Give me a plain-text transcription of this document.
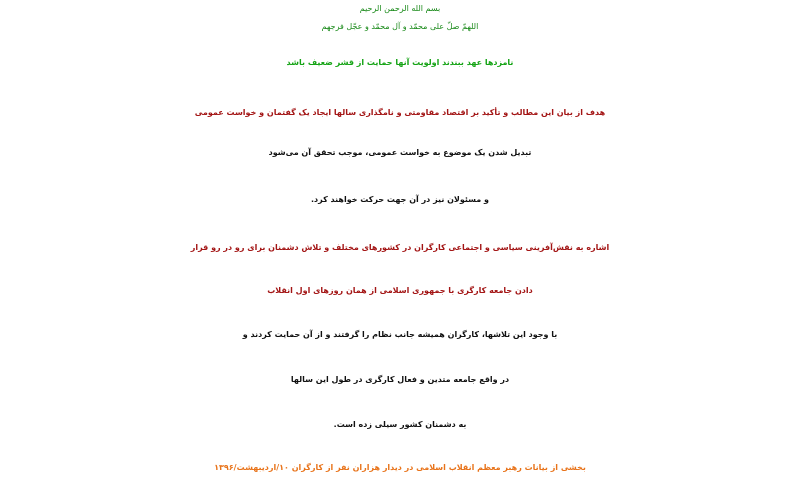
بسم الله الرحمن الرحیم
اللهمّ صلّ علی محمّد و آل محمّد و عجّل فرجهم
نامزدها عهد ببندند اولویت آنها حمایت از قشر ضعیف باشد
هدف از بیان این مطالب و تأکید بر اقتصاد مقاومتی و نامگذاری سالها ایجاد یک گفتمان و خواست عمومی
تبدیل شدن یک موضوع به خواست عمومی، موجب تحقق آن می‌شود
و مسئولان نیز در آن جهت حرکت خواهند کرد.
اشاره به نقش‌آفرینی سیاسی و اجتماعی کارگران در کشورهای مختلف و تلاش دشمنان برای رو در رو قرار
دادن جامعه کارگری با جمهوری اسلامی از همان روزهای اول انقلاب
با وجود این تلاشها، کارگران همیشه جانب نظام را گرفتند و از آن حمایت کردند و
در واقع جامعه متدین و فعال کارگری در طول این سالها
به دشمنان کشور سیلی زده است.
بخشی از بیانات رهبر معظم انقلاب اسلامی در دیدار هزاران نفر از کارگران ۱۰/اردیبهشت/۱۳۹۶
